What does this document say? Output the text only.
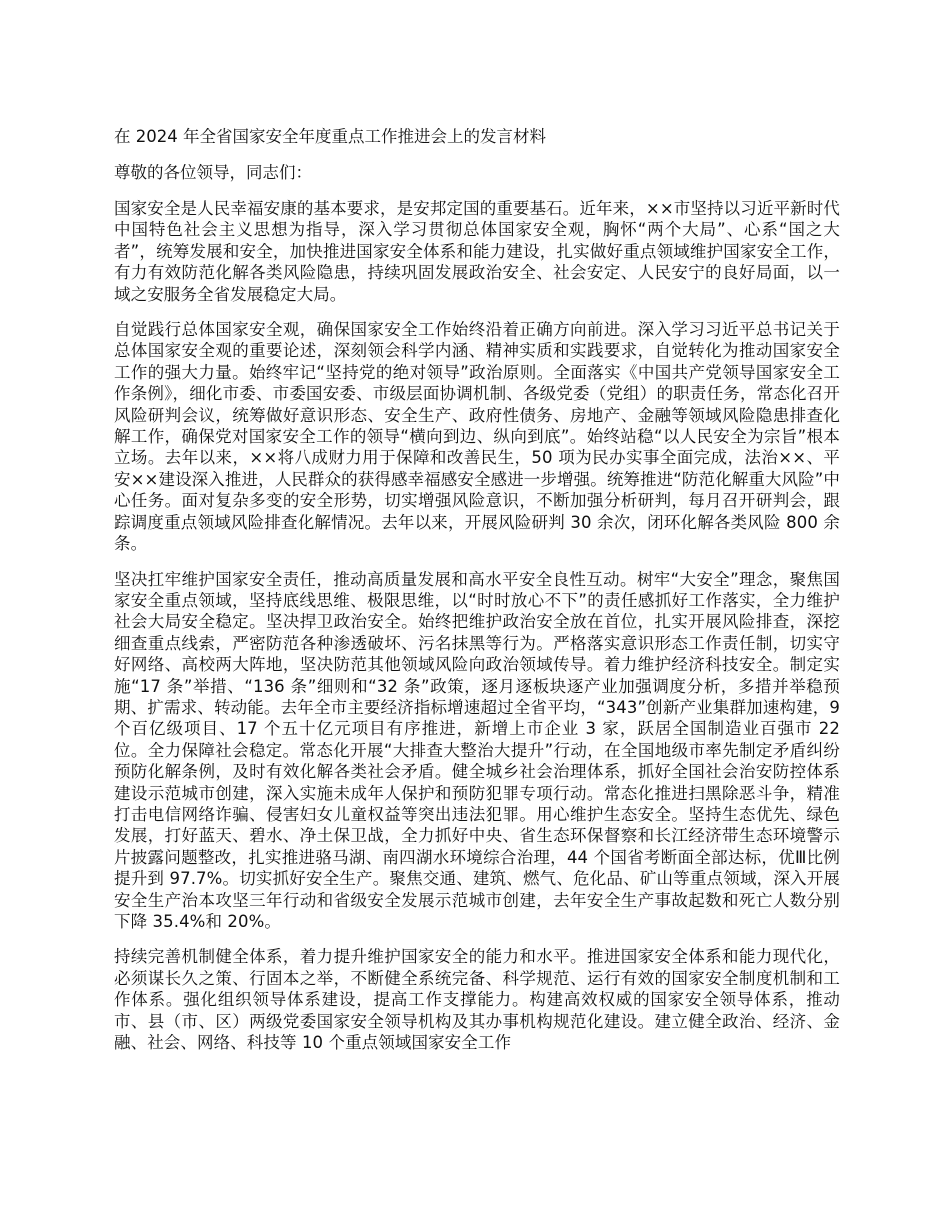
在 2024 年全省国家安全年度重点工作推进会上的发言材料
尊敬的各位领导，同志们：

国家安全是人民幸福安康的基本要求，是安邦定国的重要基石。近年来，××市坚持以习近平新时代中国特色社会主义思想为指导，深入学习贯彻总体国家安全观，胸怀“两个大局”、心系“国之大者”，统筹发展和安全，加快推进国家安全体系和能力建设，扎实做好重点领域维护国家安全工作，有力有效防范化解各类风险隐患，持续巩固发展政治安全、社会安定、人民安宁的良好局面，以一域之安服务全省发展稳定大局。

自觉践行总体国家安全观，确保国家安全工作始终沿着正确方向前进。深入学习习近平总书记关于总体国家安全观的重要论述，深刻领会科学内涵、精神实质和实践要求，自觉转化为推动国家安全工作的强大力量。始终牢记“坚持党的绝对领导”政治原则。全面落实《中国共产党领导国家安全工作条例》，细化市委、市委国安委、市级层面协调机制、各级党委（党组）的职责任务，常态化召开风险研判会议，统筹做好意识形态、安全生产、政府性债务、房地产、金融等领域风险隐患排查化解工作，确保党对国家安全工作的领导“横向到边、纵向到底”。始终站稳“以人民安全为宗旨”根本立场。去年以来，××将八成财力用于保障和改善民生，50 项为民办实事全面完成，法治××、平安××建设深入推进，人民群众的获得感幸福感安全感进一步增强。统筹推进“防范化解重大风险”中心任务。面对复杂多变的安全形势，切实增强风险意识，不断加强分析研判，每月召开研判会，跟踪调度重点领域风险排查化解情况。去年以来，开展风险研判 30 余次，闭环化解各类风险 800 余条。

坚决扛牢维护国家安全责任，推动高质量发展和高水平安全良性互动。树牢“大安全”理念，聚焦国家安全重点领域，坚持底线思维、极限思维，以“时时放心不下”的责任感抓好工作落实，全力维护社会大局安全稳定。坚决捍卫政治安全。始终把维护政治安全放在首位，扎实开展风险排查，深挖细查重点线索，严密防范各种渗透破坏、污名抹黑等行为。严格落实意识形态工作责任制，切实守好网络、高校两大阵地，坚决防范其他领域风险向政治领域传导。着力维护经济科技安全。制定实施“17 条”举措、“136 条”细则和“32 条”政策，逐月逐板块逐产业加强调度分析，多措并举稳预期、扩需求、转动能。去年全市主要经济指标增速超过全省平均，“343”创新产业集群加速构建，9 个百亿级项目、17 个五十亿元项目有序推进，新增上市企业 3 家，跃居全国制造业百强市 22 位。全力保障社会稳定。常态化开展“大排查大整治大提升”行动，在全国地级市率先制定矛盾纠纷预防化解条例，及时有效化解各类社会矛盾。健全城乡社会治理体系，抓好全国社会治安防控体系建设示范城市创建，深入实施未成年人保护和预防犯罪专项行动。常态化推进扫黑除恶斗争，精准打击电信网络诈骗、侵害妇女儿童权益等突出违法犯罪。用心维护生态安全。坚持生态优先、绿色发展，打好蓝天、碧水、净土保卫战，全力抓好中央、省生态环保督察和长江经济带生态环境警示片披露问题整改，扎实推进骆马湖、南四湖水环境综合治理，44 个国省考断面全部达标，优Ⅲ比例提升到 97.7%。切实抓好安全生产。聚焦交通、建筑、燃气、危化品、矿山等重点领域，深入开展安全生产治本攻坚三年行动和省级安全发展示范城市创建，去年安全生产事故起数和死亡人数分别下降 35.4%和 20%。

持续完善机制健全体系，着力提升维护国家安全的能力和水平。推进国家安全体系和能力现代化，必须谋长久之策、行固本之举，不断健全系统完备、科学规范、运行有效的国家安全制度机制和工作体系。强化组织领导体系建设，提高工作支撑能力。构建高效权威的国家安全领导体系，推动市、县（市、区）两级党委国家安全领导机构及其办事机构规范化建设。建立健全政治、经济、金融、社会、网络、科技等 10 个重点领域国家安全工作
